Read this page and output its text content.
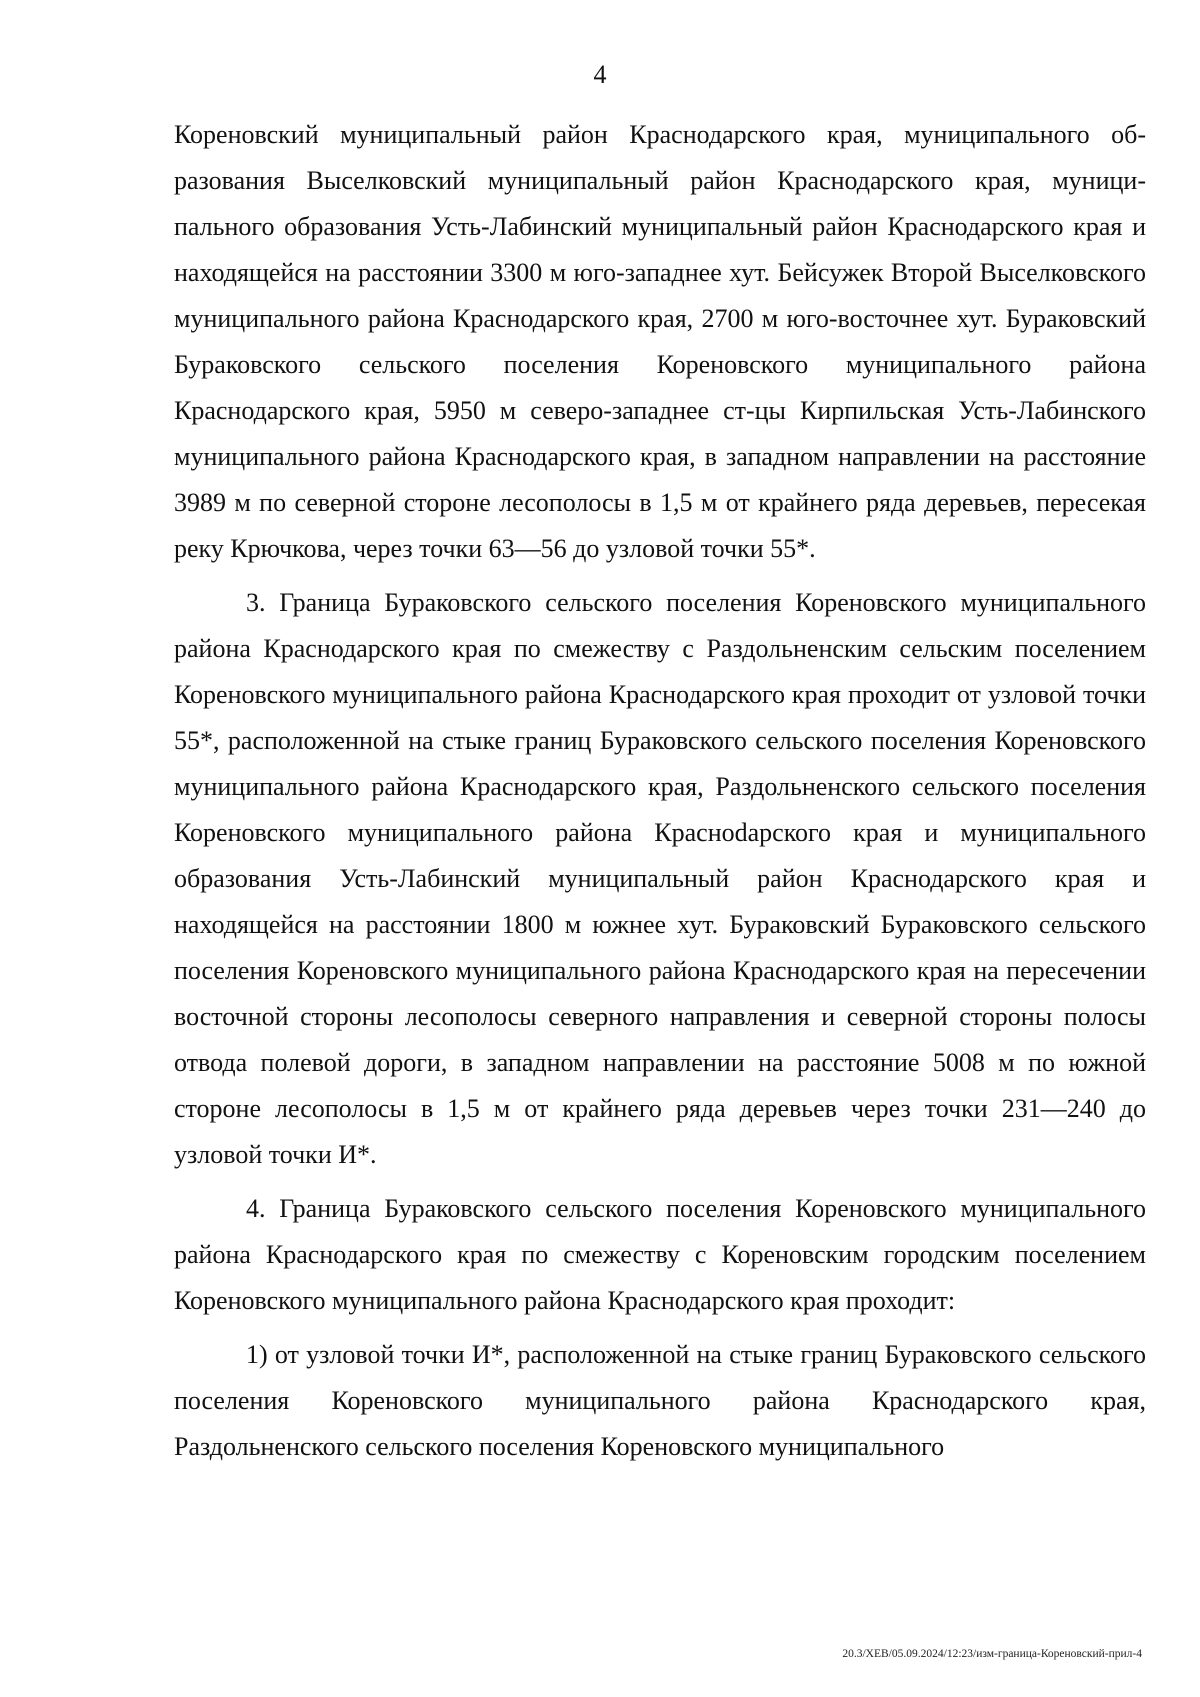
4

Кореновский муниципальный район Краснодарского края, муниципального образования Выселковский муниципальный район Краснодарского края, муниципального образования Усть-Лабинский муниципальный район Краснодарского края и находящейся на расстоянии 3300 м юго-западнее хут. Бейсужек Второй Выселковского муниципального района Краснодарского края, 2700 м юго-восточнее хут. Бураковский Бураковского сельского поселения Кореновского муниципального района Краснодарского края, 5950 м северо-западнее ст-цы Кирпильская Усть-Лабинского муниципального района Краснодарского края, в западном направлении на расстояние 3989 м по северной стороне лесополосы в 1,5 м от крайнего ряда деревьев, пересекая реку Крючкова, через точки 63—56 до узловой точки 55*.

3. Граница Бураковского сельского поселения Кореновского муниципального района Краснодарского края по смежеству с Раздольненским сельским поселением Кореновского муниципального района Краснодарского края проходит от узловой точки 55*, расположенной на стыке границ Бураковского сельского поселения Кореновского муниципального района Краснодарского края, Раздольненского сельского поселения Кореновского муниципального района Красноdарского края и муниципального образования Усть-Лабинский муниципальный район Краснодарского края и находящейся на расстоянии 1800 м южнее хут. Бураковский Бураковского сельского поселения Кореновского муниципального района Краснодарского края на пересечении восточной стороны лесополосы северного направления и северной стороны полосы отвода полевой дороги, в западном направлении на расстояние 5008 м по южной стороне лесополосы в 1,5 м от крайнего ряда деревьев через точки 231—240 до узловой точки И*.

4. Граница Бураковского сельского поселения Кореновского муниципального района Краснодарского края по смежеству с Кореновским городским поселением Кореновского муниципального района Краснодарского края проходит:

1) от узловой точки И*, расположенной на стыке границ Бураковского сельского поселения Кореновского муниципального района Краснодарского края, Раздольненского сельского поселения Кореновского муниципального

20.3/XEB/05.09.2024/12:23/изм-граница-Кореновский-прил-4
